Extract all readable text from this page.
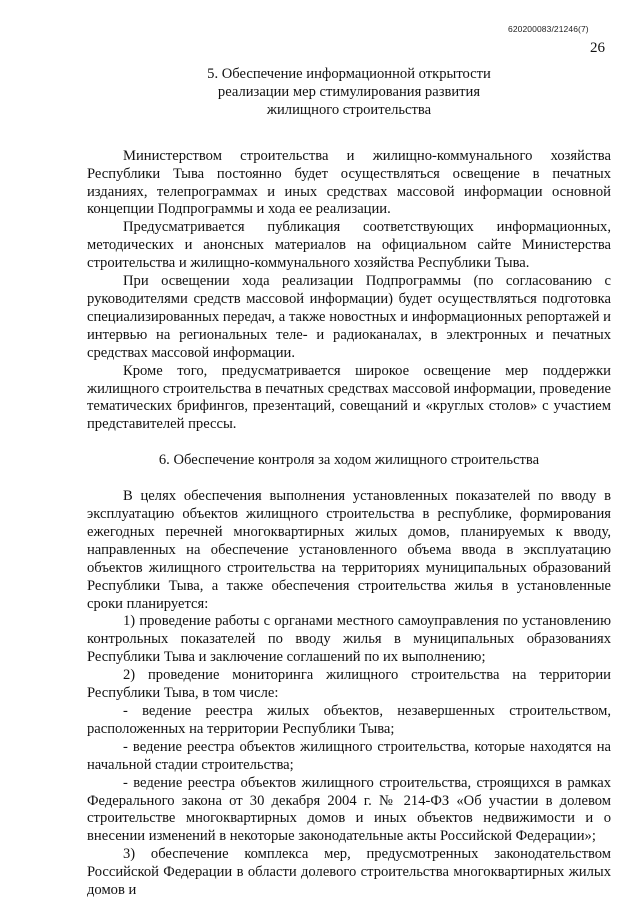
620200083/21246(7)
26
5. Обеспечение информационной открытости
реализации мер стимулирования развития
жилищного строительства

Министерством строительства и жилищно-коммунального хозяйства Республики Тыва постоянно будет осуществляться освещение в печатных изданиях, телепрограммах и иных средствах массовой информации основной концепции Подпрограммы и хода ее реализации.

Предусматривается публикация соответствующих информационных, методических и анонсных материалов на официальном сайте Министерства строительства и жилищно-коммунального хозяйства Республики Тыва.

При освещении хода реализации Подпрограммы (по согласованию с руководителями средств массовой информации) будет осуществляться подготовка специализированных передач, а также новостных и информационных репортажей и интервью на региональных теле- и радиоканалах, в электронных и печатных средствах массовой информации.

Кроме того, предусматривается широкое освещение мер поддержки жилищного строительства в печатных средствах массовой информации, проведение тематических брифингов, презентаций, совещаний и «круглых столов» с участием представителей прессы.

6. Обеспечение контроля за ходом жилищного строительства

В целях обеспечения выполнения установленных показателей по вводу в эксплуатацию объектов жилищного строительства в республике, формирования ежегодных перечней многоквартирных жилых домов, планируемых к вводу, направленных на обеспечение установленного объема ввода в эксплуатацию объектов жилищного строительства на территориях муниципальных образований Республики Тыва, а также обеспечения строительства жилья в установленные сроки планируется:

1) проведение работы с органами местного самоуправления по установлению контрольных показателей по вводу жилья в муниципальных образованиях Республики Тыва и заключение соглашений по их выполнению;

2) проведение мониторинга жилищного строительства на территории Республики Тыва, в том числе:

- ведение реестра жилых объектов, незавершенных строительством, расположенных на территории Республики Тыва;

- ведение реестра объектов жилищного строительства, которые находятся на начальной стадии строительства;

- ведение реестра объектов жилищного строительства, строящихся в рамках Федерального закона от 30 декабря 2004 г. № 214-ФЗ «Об участии в долевом строительстве многоквартирных домов и иных объектов недвижимости и о внесении изменений в некоторые законодательные акты Российской Федерации»;

3) обеспечение комплекса мер, предусмотренных законодательством Российской Федерации в области долевого строительства многоквартирных жилых домов и
